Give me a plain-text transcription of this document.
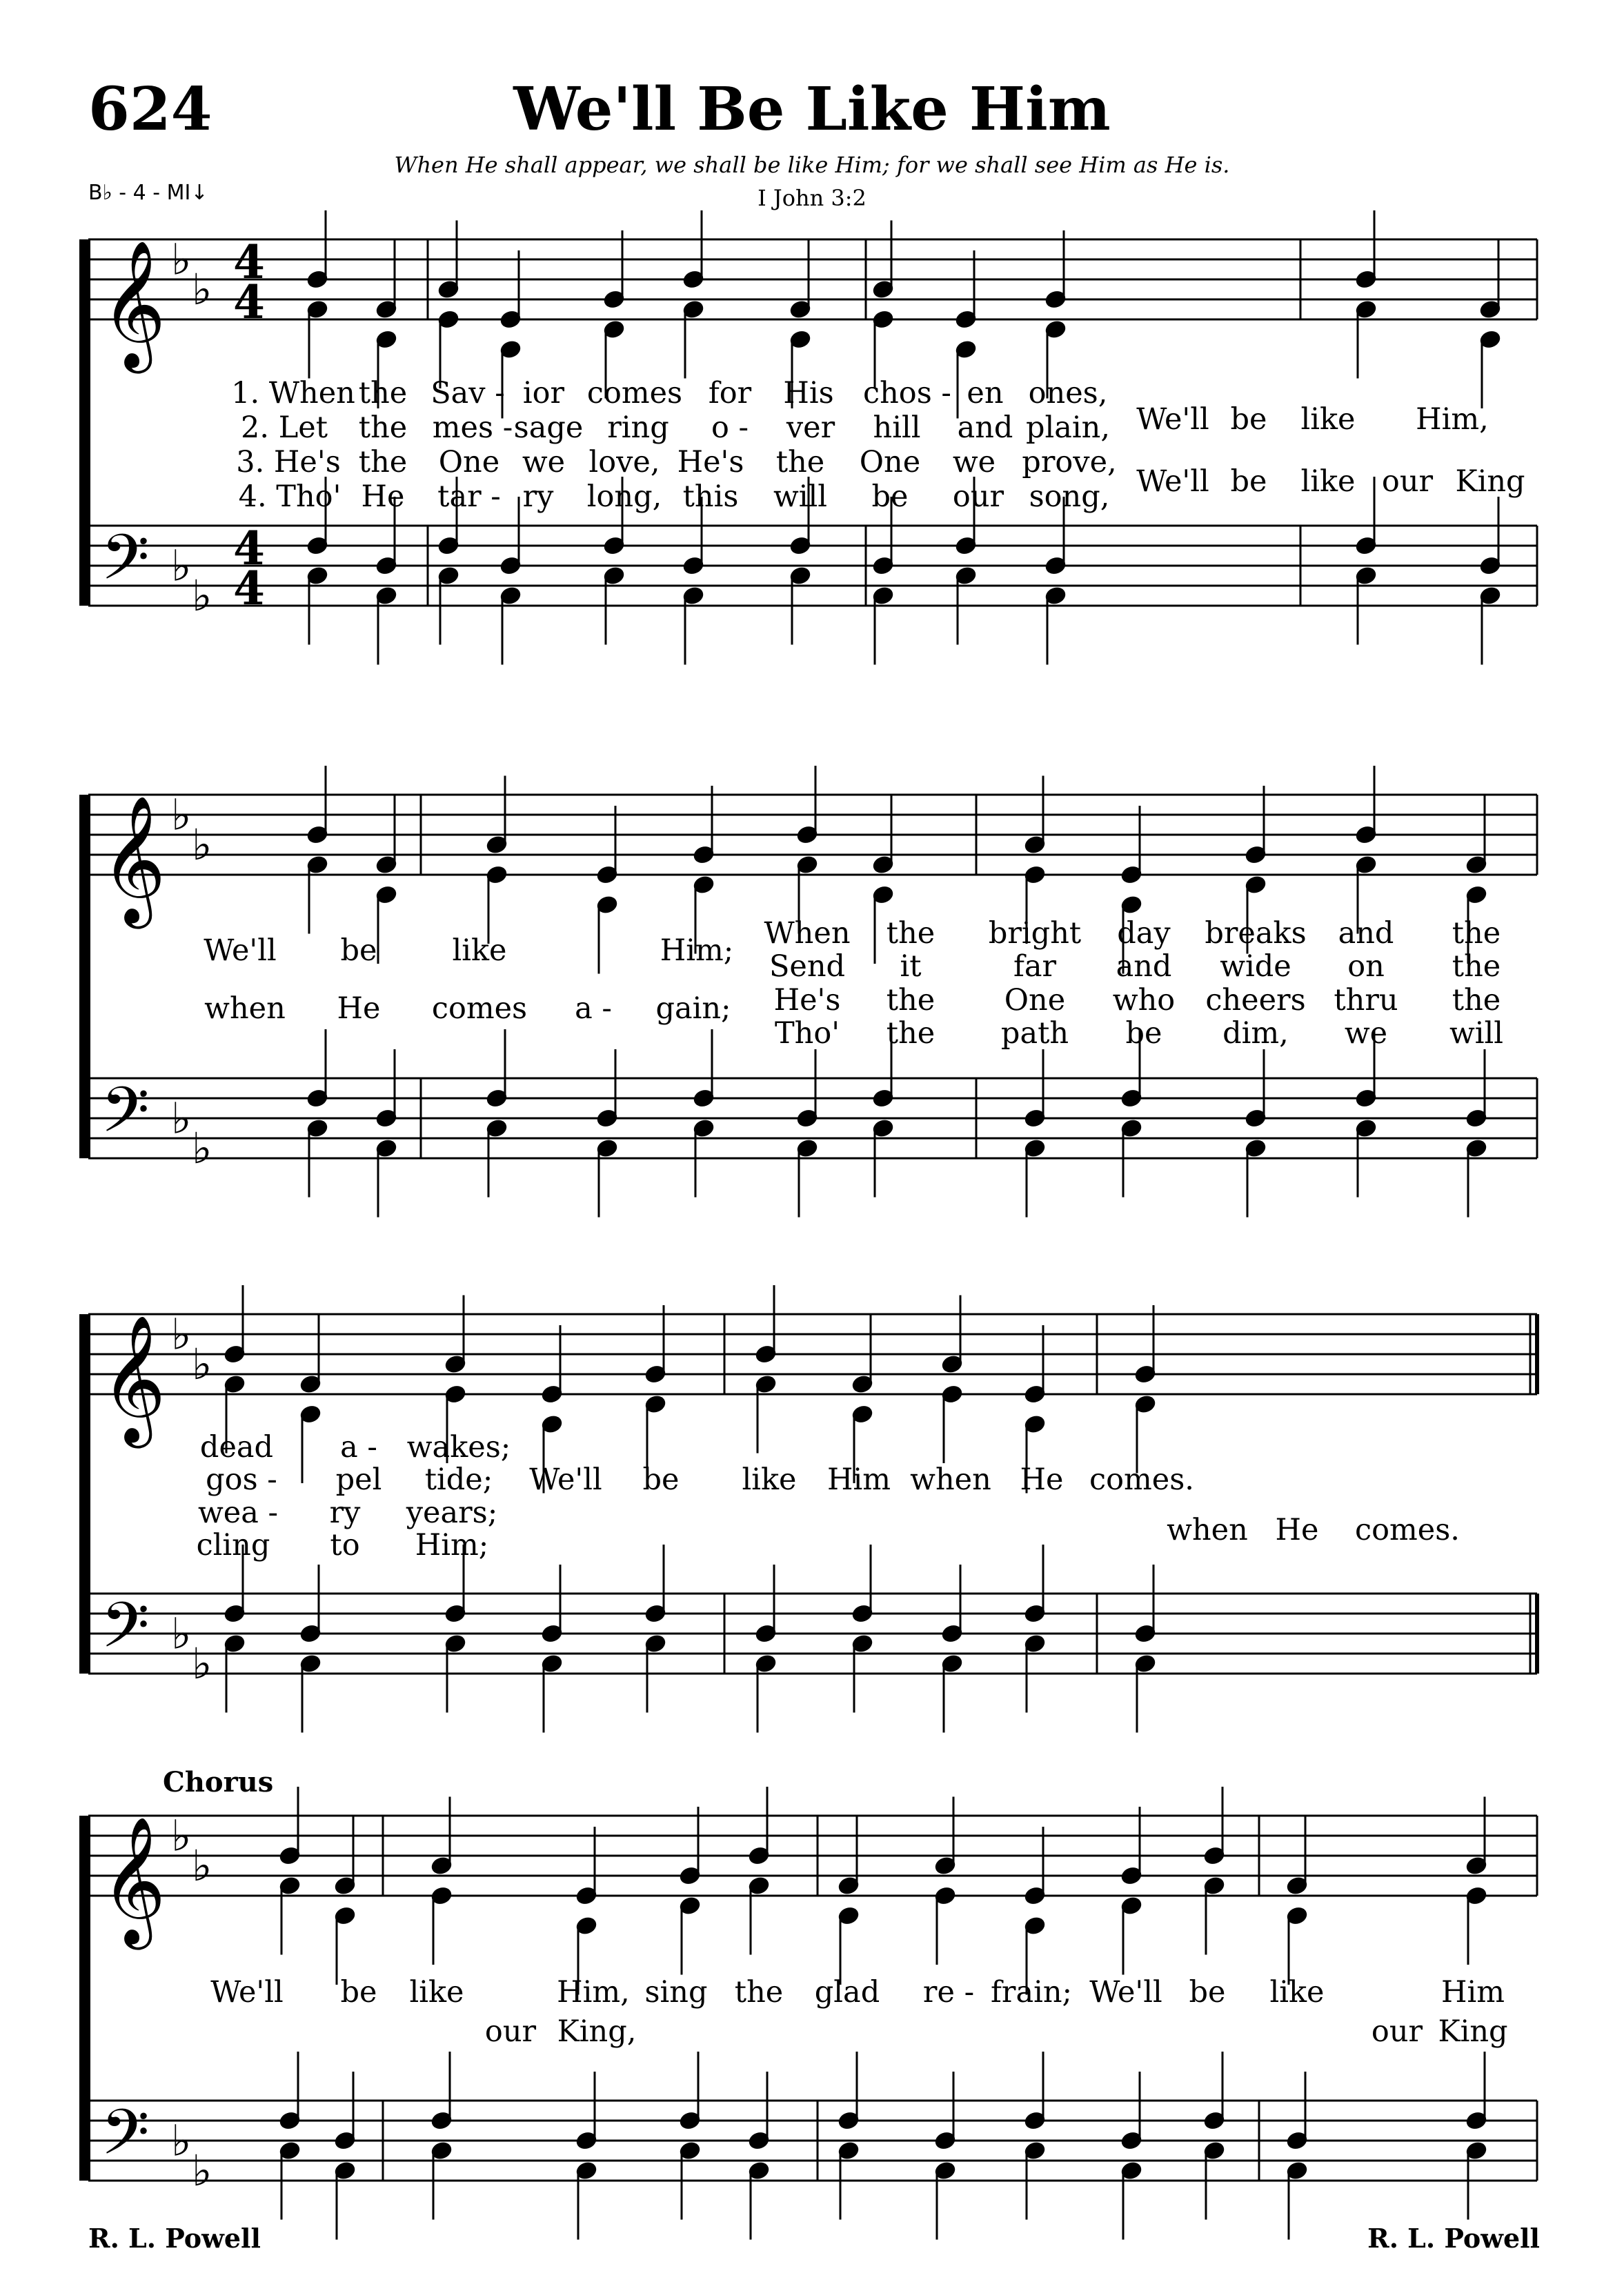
624	We'll Be Like Him
When He shall appear, we shall be like Him; for we shall see Him as He is.
I John 3:2
B♭ - 4 - MI↓
Chorus
R. L. Powell	R. L. Powell
𝄞
𝄢
♭
♭
♭
♭
4
4
4
4
𝄞
𝄢
♭
♭
♭
♭
𝄞
𝄢
♭
♭
♭
♭
𝄞
𝄢
♭
♭
♭
♭
1. When the Sav - ior comes for His chos - en ones,
2. Let the mes - sage ring o - ver hill and plain, We'll be like Him,
3. He's the One we love, He's the One we prove,
4. Tho' He tar - ry long, this will be our song, We'll be like our King
We'll be	like	Him; When the bright day breaks and the
Send it	far and wide on the
when He comes a - gain; He's the One who cheers thru the
Tho' the path be dim, we will
dead a - wakes;
gos - pel tide; We'll be like Him when He comes.
wea - ry years;	when He comes.
cling to Him;
We'll be like	Him, sing the glad re - frain; We'll be like	Him
our King,	our King
